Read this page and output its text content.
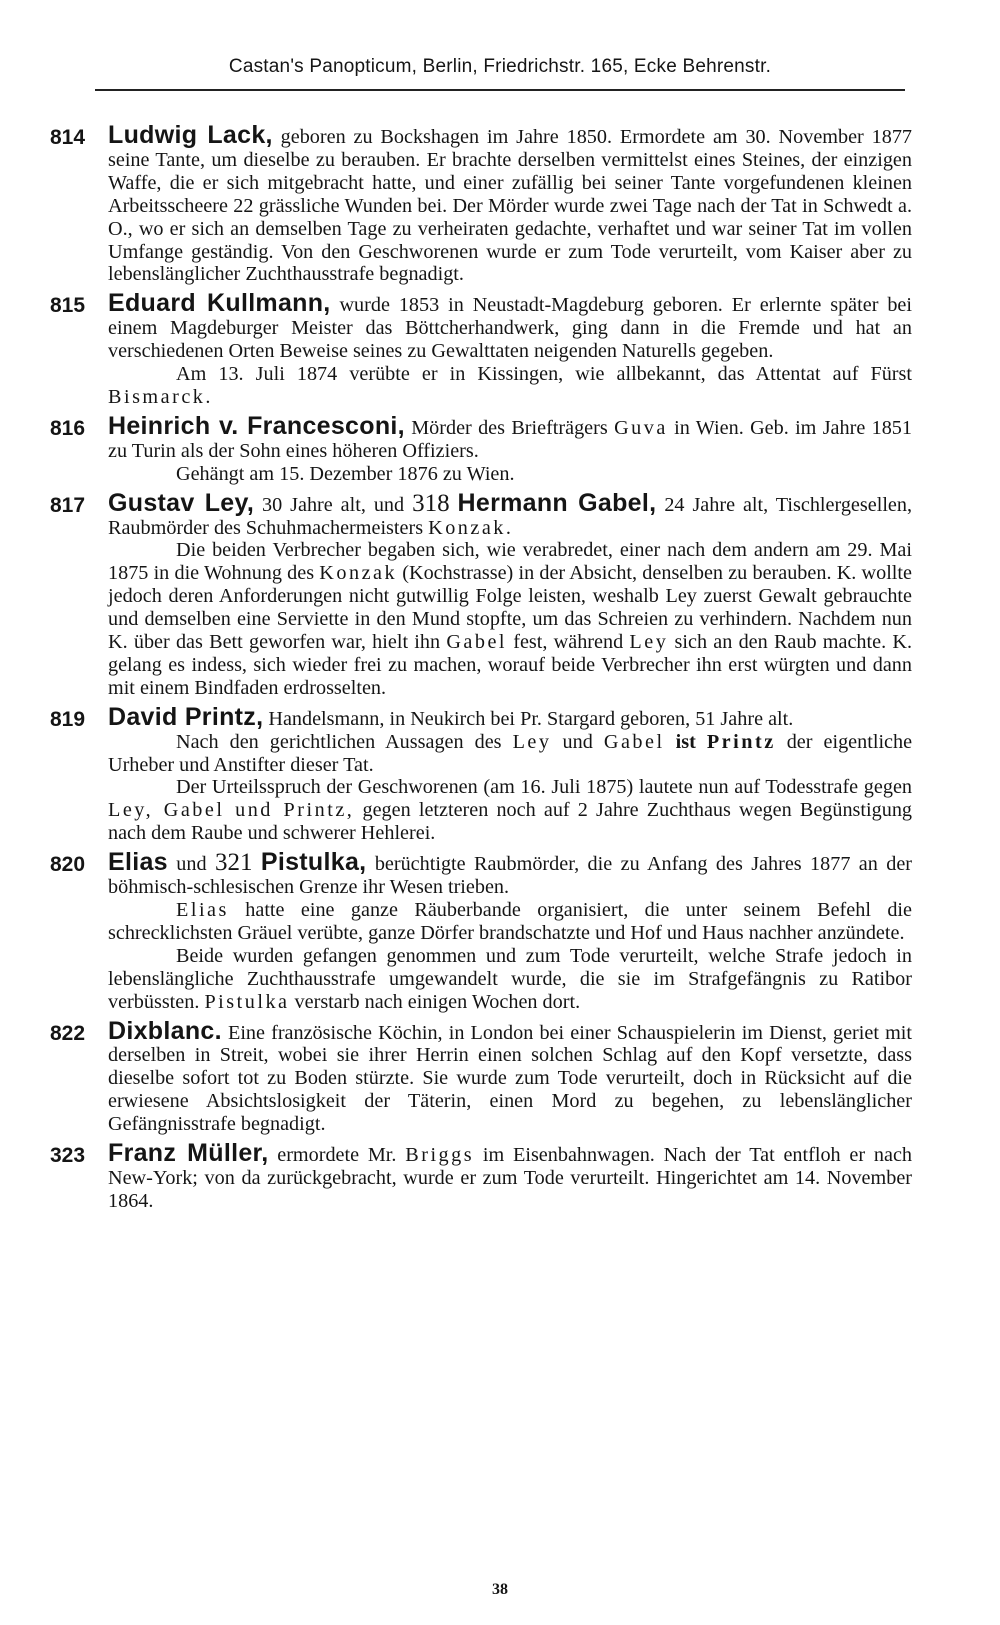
Castan's Panopticum, Berlin, Friedrichstr. 165, Ecke Behrenstr.
814 Ludwig Lack, geboren zu Bockshagen im Jahre 1850. Ermordete am 30. November 1877 seine Tante, um dieselbe zu berauben. Er brachte derselben vermittelst eines Steines, der einzigen Waffe, die er sich mitgebracht hatte, und einer zufällig bei seiner Tante vorgefundenen kleinen Arbeitsscheere 22 grässliche Wunden bei. Der Mörder wurde zwei Tage nach der Tat in Schwedt a. O., wo er sich an demselben Tage zu verheiraten gedachte, verhaftet und war seiner Tat im vollen Umfange geständig. Von den Geschworenen wurde er zum Tode verurteilt, vom Kaiser aber zu lebenslänglicher Zuchthausstrafe begnadigt.

815 Eduard Kullmann, wurde 1853 in Neustadt-Magdeburg geboren. Er erlernte später bei einem Magdeburger Meister das Böttcherhandwerk, ging dann in die Fremde und hat an verschiedenen Orten Beweise seines zu Gewalttaten neigenden Naturells gegeben.

Am 13. Juli 1874 verübte er in Kissingen, wie allbekannt, das Attentat auf Fürst Bismarck.

816 Heinrich v. Francesconi, Mörder des Briefträgers Guva in Wien. Geb. im Jahre 1851 zu Turin als der Sohn eines höheren Offiziers.

Gehängt am 15. Dezember 1876 zu Wien.

817 Gustav Ley, 30 Jahre alt, und 318 Hermann Gabel, 24 Jahre alt, Tischlergesellen, Raubmörder des Schuhmachermeisters Konzak.

Die beiden Verbrecher begaben sich, wie verabredet, einer nach dem andern am 29. Mai 1875 in die Wohnung des Konzak (Kochstrasse) in der Absicht, denselben zu berauben. K. wollte jedoch deren Anforderungen nicht gutwillig Folge leisten, weshalb Ley zuerst Gewalt gebrauchte und demselben eine Serviette in den Mund stopfte, um das Schreien zu verhindern. Nachdem nun K. über das Bett geworfen war, hielt ihn Gabel fest, während Ley sich an den Raub machte. K. gelang es indess, sich wieder frei zu machen, worauf beide Verbrecher ihn erst würgten und dann mit einem Bindfaden erdrosselten.

819 David Printz, Handelsmann, in Neukirch bei Pr. Stargard geboren, 51 Jahre alt.

Nach den gerichtlichen Aussagen des Ley und Gabel ist Printz der eigentliche Urheber und Anstifter dieser Tat.

Der Urteilsspruch der Geschworenen (am 16. Juli 1875) lautete nun auf Todesstrafe gegen Ley, Gabel und Printz, gegen letzteren noch auf 2 Jahre Zuchthaus wegen Begünstigung nach dem Raube und schwerer Hehlerei.

820 Elias und 321 Pistulka, berüchtigte Raubmörder, die zu Anfang des Jahres 1877 an der böhmisch-schlesischen Grenze ihr Wesen trieben.

Elias hatte eine ganze Räuberbande organisiert, die unter seinem Befehl die schrecklichsten Gräuel verübte, ganze Dörfer brandschatzte und Hof und Haus nachher anzündete.

Beide wurden gefangen genommen und zum Tode verurteilt, welche Strafe jedoch in lebenslängliche Zuchthausstrafe umgewandelt wurde, die sie im Strafgefängnis zu Ratibor verbüssten. Pistulka verstarb nach einigen Wochen dort.

822 Dixblanc. Eine französische Köchin, in London bei einer Schauspielerin im Dienst, geriet mit derselben in Streit, wobei sie ihrer Herrin einen solchen Schlag auf den Kopf versetzte, dass dieselbe sofort tot zu Boden stürzte. Sie wurde zum Tode verurteilt, doch in Rücksicht auf die erwiesene Absichtslosigkeit der Täterin, einen Mord zu begehen, zu lebenslänglicher Gefängnisstrafe begnadigt.

323 Franz Müller, ermordete Mr. Briggs im Eisenbahnwagen. Nach der Tat entfloh er nach New-York; von da zurückgebracht, wurde er zum Tode verurteilt. Hingerichtet am 14. November 1864.

38
